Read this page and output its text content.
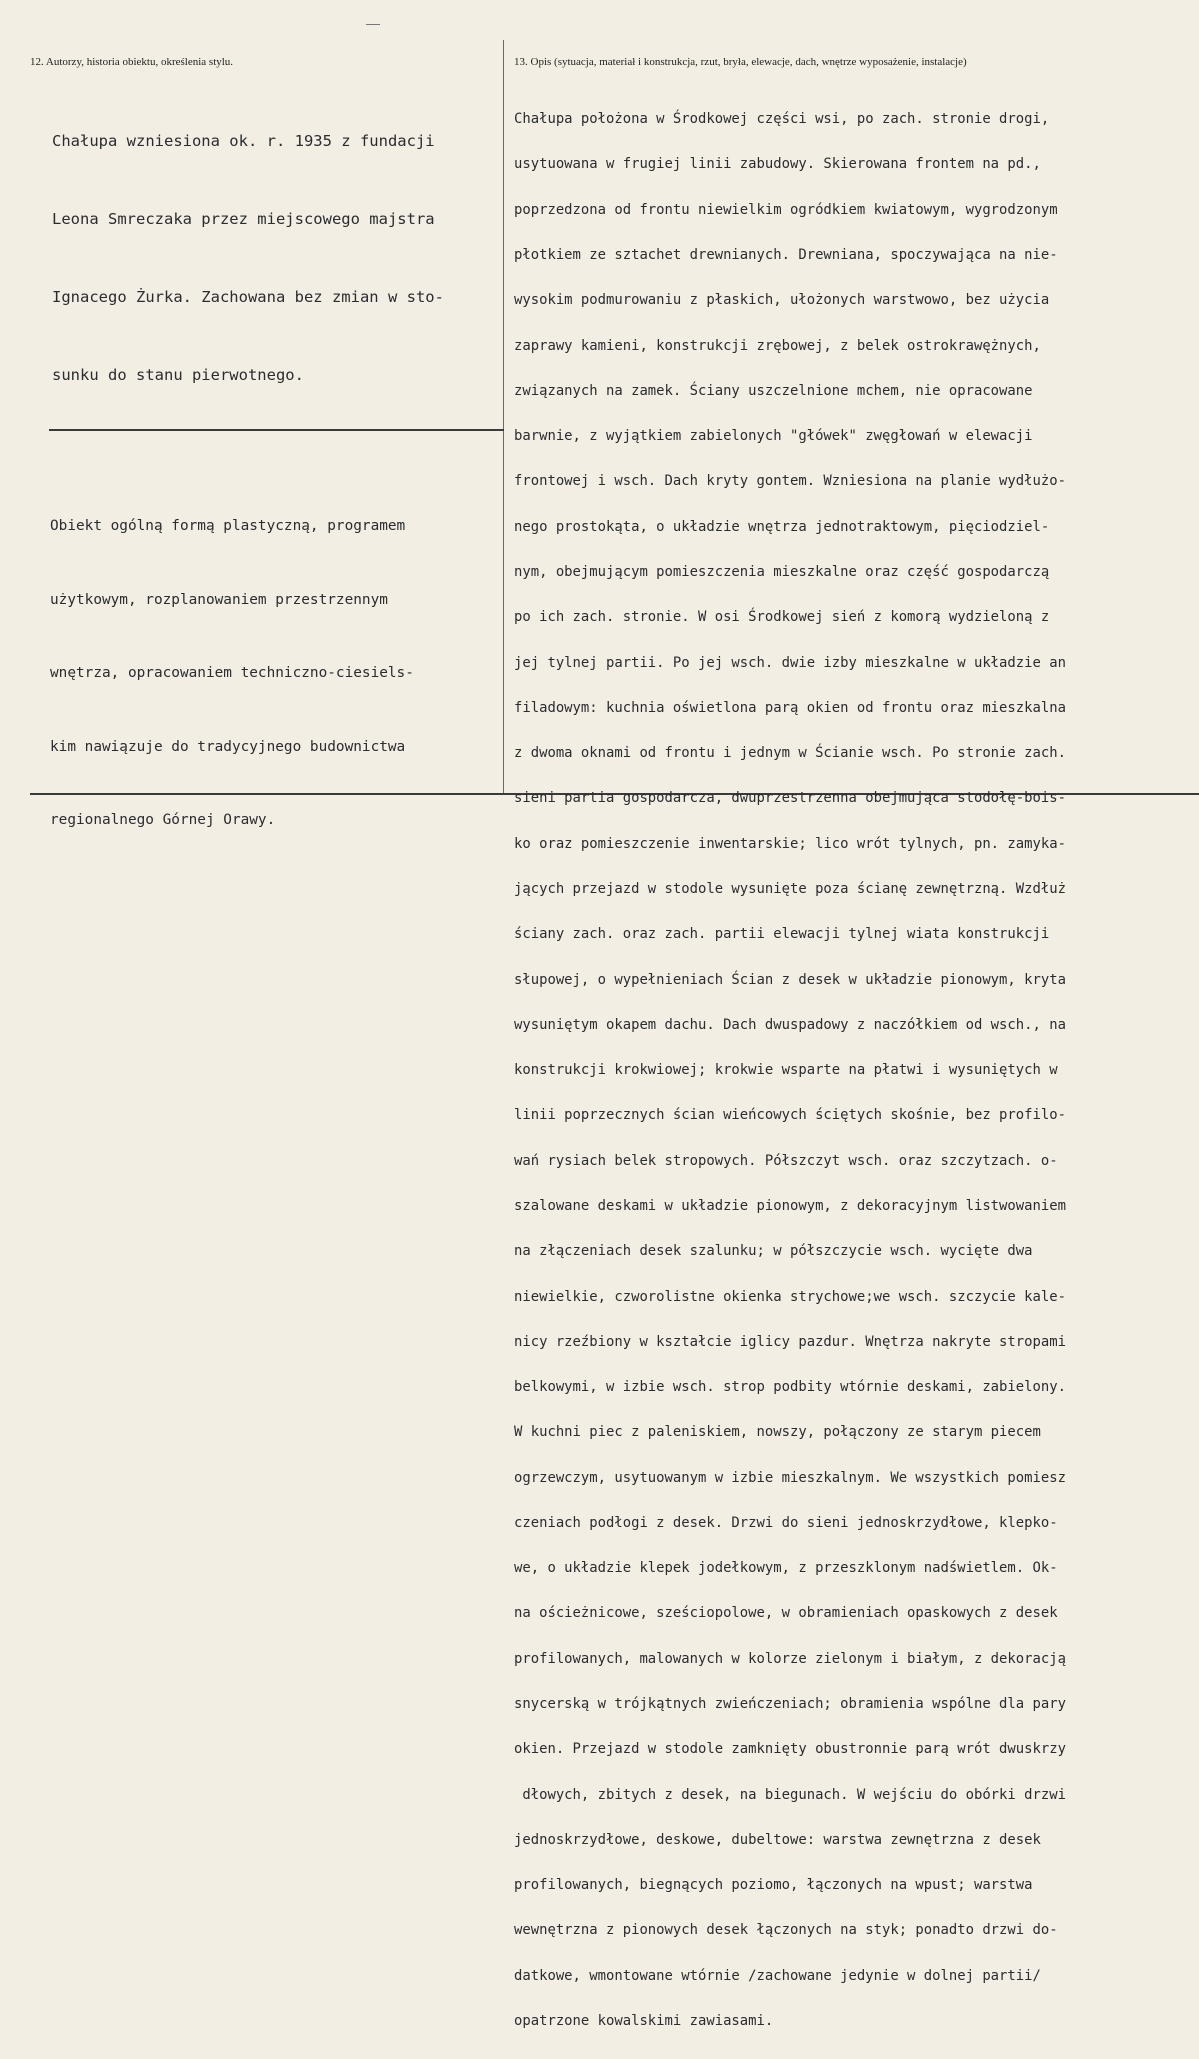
12. Autorzy, historia obiektu, określenia stylu.	13. Opis (sytuacja, materiał i konstrukcja, rzut, bryła, elewacje, dach, wnętrze wyposażenie, instalacje)

Chałupa wzniesiona ok. r. 1935 z fundacji

Leona Smreczaka przez miejscowego majstra

Ignacego Żurka. Zachowana bez zmian w sto-

sunku do stanu pierwotnego.

Obiekt ogólną formą plastyczną, programem

użytkowym, rozplanowaniem przestrzennym

wnętrza, opracowaniem techniczno-ciesiels-

kim nawiązuje do tradycyjnego budownictwa

regionalnego Górnej Orawy.

Chałupa położona w Środkowej części wsi, po zach. stronie drogi,

usytuowana w frugiej linii zabudowy. Skierowana frontem na pd.,

poprzedzona od frontu niewielkim ogródkiem kwiatowym, wygrodzonym

płotkiem ze sztachet drewnianych. Drewniana, spoczywająca na nie-

wysokim podmurowaniu z płaskich, ułożonych warstwowo, bez użycia

zaprawy kamieni, konstrukcji zrębowej, z belek ostrokrawężnych,

związanych na zamek. Ściany uszczelnione mchem, nie opracowane

barwnie, z wyjątkiem zabielonych "główek" zwęgłowań w elewacji

frontowej i wsch. Dach kryty gontem. Wzniesiona na planie wydłużo-

nego prostokąta, o układzie wnętrza jednotraktowym, pięciodziel-

nym, obejmującym pomieszczenia mieszkalne oraz część gospodarczą

po ich zach. stronie. W osi Środkowej sień z komorą wydzieloną z

jej tylnej partii. Po jej wsch. dwie izby mieszkalne w układzie an

filadowym: kuchnia oświetlona parą okien od frontu oraz mieszkalna

z dwoma oknami od frontu i jednym w Ścianie wsch. Po stronie zach.

sieni partia gospodarcza, dwuprzestrzenna obejmująca stodołę-bois-

ko oraz pomieszczenie inwentarskie; lico wrót tylnych, pn. zamyka-

jących przejazd w stodole wysunięte poza ścianę zewnętrzną. Wzdłuż

ściany zach. oraz zach. partii elewacji tylnej wiata konstrukcji

słupowej, o wypełnieniach Ścian z desek w układzie pionowym, kryta

wysuniętym okapem dachu. Dach dwuspadowy z naczółkiem od wsch., na

konstrukcji krokwiowej; krokwie wsparte na płatwi i wysuniętych w

linii poprzecznych ścian wieńcowych ściętych skośnie, bez profilo-

wań rysiach belek stropowych. Półszczyt wsch. oraz szczytzach. o-

szalowane deskami w układzie pionowym, z dekoracyjnym listwowaniem

na złączeniach desek szalunku; w półszczycie wsch. wycięte dwa

niewielkie, czworolistne okienka strychowe;we wsch. szczycie kale-

nicy rzeźbiony w kształcie iglicy pazdur. Wnętrza nakryte stropami

belkowymi, w izbie wsch. strop podbity wtórnie deskami, zabielony.

W kuchni piec z paleniskiem, nowszy, połączony ze starym piecem

ogrzewczym, usytuowanym w izbie mieszkalnym. We wszystkich pomiesz

czeniach podłogi z desek. Drzwi do sieni jednoskrzydłowe, klepko-

we, o układzie klepek jodełkowym, z przeszklonym nadświetlem. Ok-

na ościeżnicowe, sześciopolowe, w obramieniach opaskowych z desek

profilowanych, malowanych w kolorze zielonym i białym, z dekoracją

snycerską w trójkątnych zwieńczeniach; obramienia wspólne dla pary

okien. Przejazd w stodole zamknięty obustronnie parą wrót dwuskrzy

dłowych, zbitych z desek, na biegunach. W wejściu do obórki drzwi

jednoskrzydłowe, deskowe, dubeltowe: warstwa zewnętrzna z desek

profilowanych, biegnących poziomo, łączonych na wpust; warstwa

wewnętrzna z pionowych desek łączonych na styk; ponadto drzwi do-

datkowe, wmontowane wtórnie /zachowane jedynie w dolnej partii/

opatrzone kowalskimi zawiasami.
